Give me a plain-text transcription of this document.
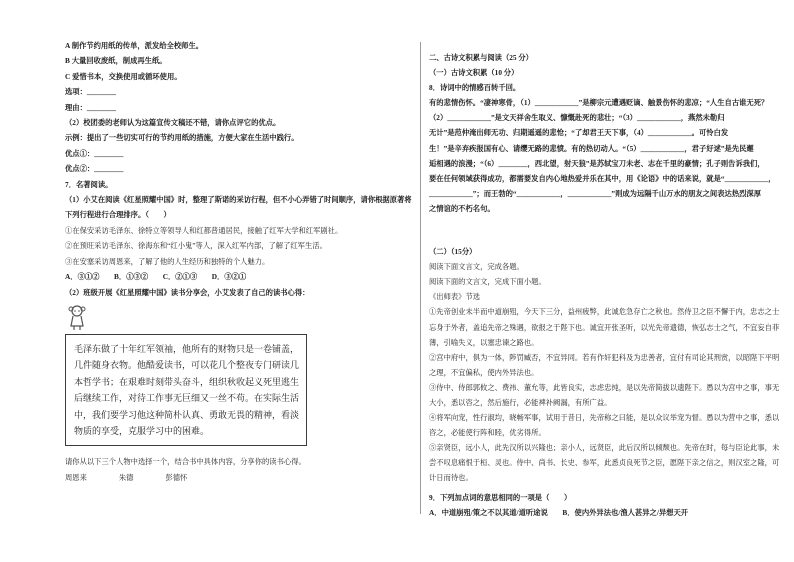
A 制作节约用纸的传单，派发给全校师生。
B 大量回收废纸，制成再生纸。
C 爱惜书本，交换使用或循环使用。
选项：________
理由：________
（2）校团委的老师认为这篇宣传文稿还不错，请你点评它的优点。
示例：提出了一些切实可行的节约用纸的措施，方便大家在生活中践行。
优点①：________
优点②：________
7．名著阅读。
（1）小艾在阅读《红星照耀中国》时，整理了斯诺的采访行程，但不小心弄错了时间顺序，请你根据原著将
下列行程进行合理排序。（　　）
①在保安采访毛泽东、徐特立等领导人和红都普通居民，接触了红军大学和红军剧社。
②在预旺采访毛泽东、徐海东和“红小鬼”等人，深入红军内部，了解了红军生活。
③在安塞采访周恩来，了解了他的人生经历和独特的个人魅力。
A．③①②　　B．①③②　　C．②①③　　D．③②①
（2）班级开展《红星照耀中国》读书分享会，小艾发表了自己的读书心得：
毛泽东做了十年红军领袖，他所有的财物只是一卷铺盖，
几件随身衣物。他酷爱读书，可以花几个整夜专门研读几
本哲学书；在艰难时刻带头奋斗，组织秋收起义死里逃生
后继续工作，对待工作事无巨细又一丝不苟。在实际生活
中，我们要学习他这种简朴认真、勇敢无畏的精神，看淡
物质的享受，克服学习中的困难。
请你从以下三个人物中选择一个，结合书中具体内容，分享你的读书心得。
周恩来	朱德	彭德怀
二、古诗文积累与阅读（25 分）
（一）古诗文积累（10 分）
8．诗词中的情感百转千回。
有的悲情伤怀。“凄神寒骨，（1）____________”是柳宗元遭遇贬谪、触景伤怀的悲凉；“人生自古谁无死？
（2）____________”是文天祥舍生取义、慷慨赴死的悲壮；“（3）____________，燕然未勒归
无计”是范仲淹出师无功、归期遥遥的悲怆；“了却君王天下事，（4）____________。可怜白发
生！”是辛弃疾报国有心、请缨无路的悲愤。有的热切动人。“（5）____________，君子好逑”是先民邂
逅相遇的浪漫；“（6）________，西北望，射天狼”是苏轼宝刀未老、志在千里的豪情；孔子则告诉我们，
要在任何领域获得成功，都需要发自内心地热爱并乐在其中，用《论语》中的话来说，就是“____________，
____________”；而王勃的“____________，____________”则成为远隔千山万水的朋友之间表达热烈深厚
之情谊的不朽名句。
（二）（15分）
阅读下面文言文，完成各题。
阅读下面的文言文，完成下面小题。
《出师表》节选
①先帝创业未半而中道崩殂，今天下三分，益州疲弊，此诚危急存亡之秋也。然侍卫之臣不懈于内，忠志之士
忘身于外者，盖追先帝之殊遇，欲报之于陛下也。诚宜开张圣听，以光先帝遗德，恢弘志士之气，不宜妄自菲
薄，引喻失义，以塞忠谏之路也。
②宫中府中，俱为一体，陟罚臧否，不宜异同。若有作奸犯科及为忠善者，宜付有司论其刑赏，以昭陛下平明
之理，不宜偏私，使内外异法也。
③侍中、侍郎郭攸之、费祎、董允等，此皆良实，志虑忠纯，是以先帝简拔以遗陛下。愚以为宫中之事，事无
大小，悉以咨之，然后施行，必能裨补阙漏，有所广益。
④将军向宠，性行淑均，晓畅军事，试用于昔日，先帝称之曰能，是以众议举宠为督。愚以为营中之事，悉以
咨之，必能使行阵和睦，优劣得所。
⑤亲贤臣，远小人，此先汉所以兴隆也；亲小人，远贤臣，此后汉所以倾颓也。先帝在时，每与臣论此事，未
尝不叹息痛恨于桓、灵也。侍中、尚书、长史、参军，此悉贞良死节之臣，愿陛下亲之信之，则汉室之隆，可
计日而待也。
9．下列加点词的意思相同的一项是（　　）
A．中道崩殂/策之不以其道/道听途说　　B．使内外异法也/渔人甚异之/异想天开
